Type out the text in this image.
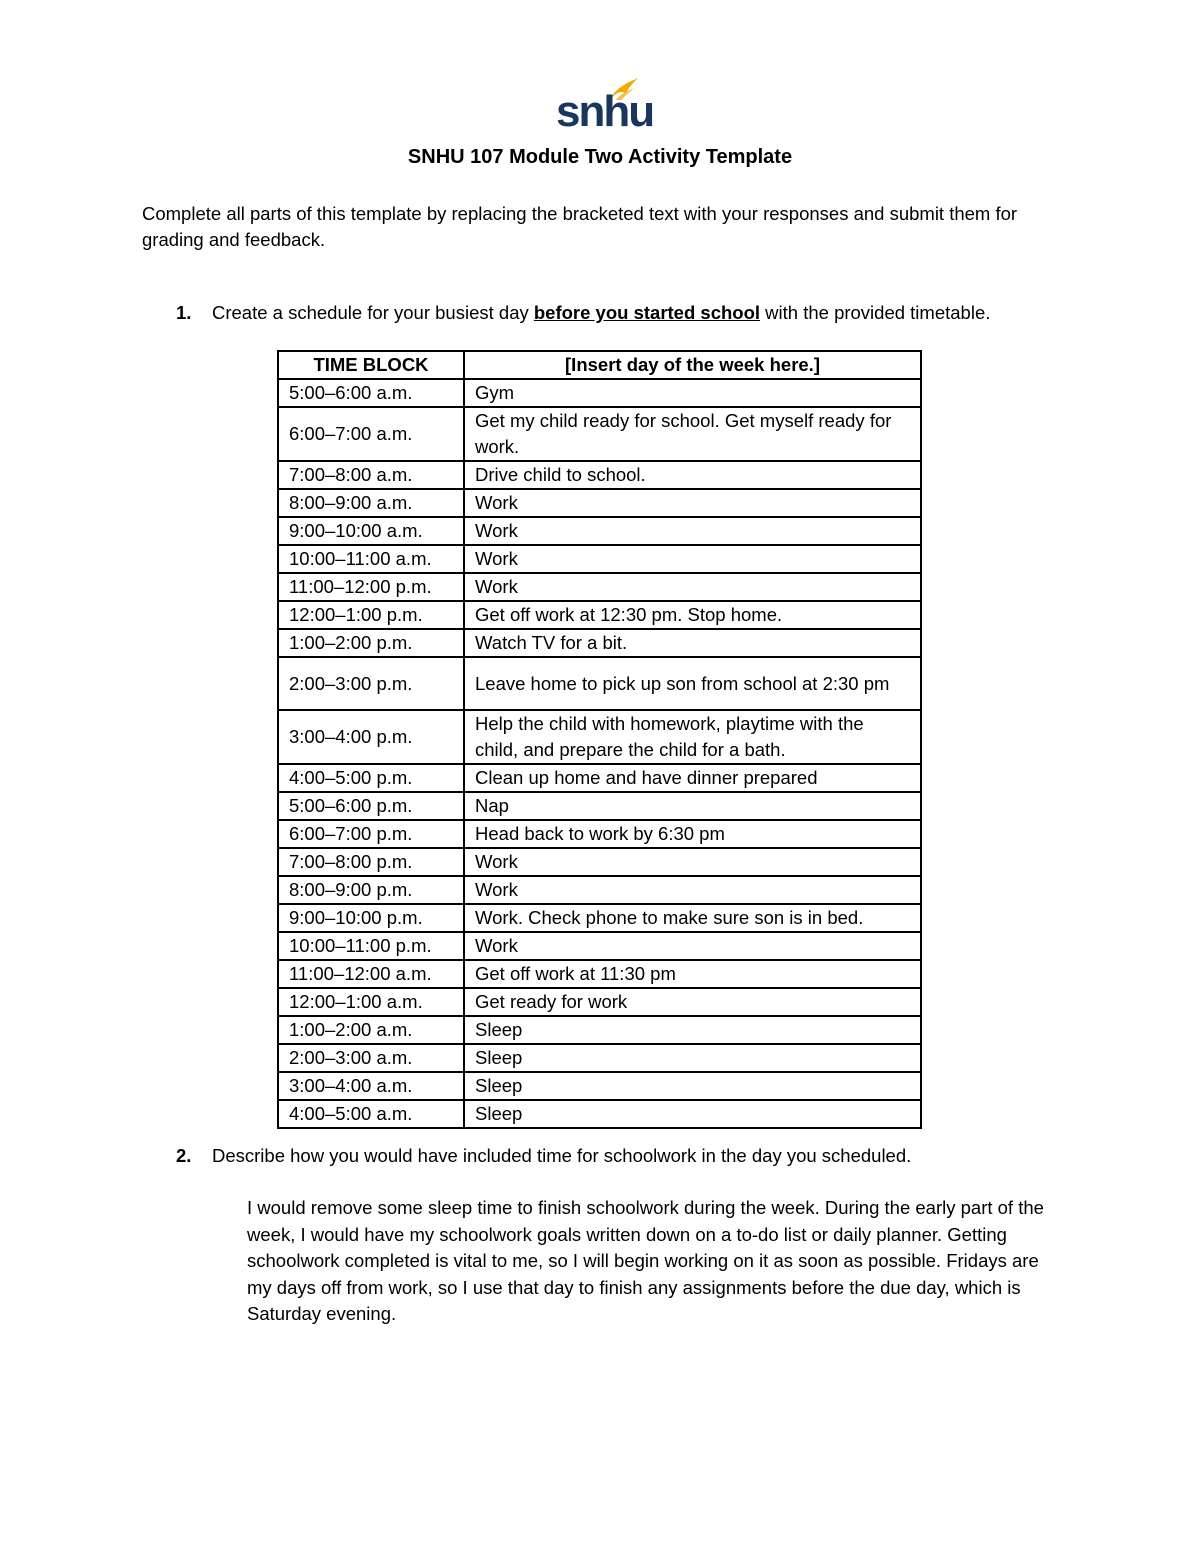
snhu
SNHU 107 Module Two Activity Template
Complete all parts of this template by replacing the bracketed text with your responses and submit them for grading and feedback.
1. Create a schedule for your busiest day before you started school with the provided timetable.
TIME BLOCK	[Insert day of the week here.]
5:00–6:00 a.m.	Gym
6:00–7:00 a.m.	Get my child ready for school. Get myself ready for work.
7:00–8:00 a.m.	Drive child to school.
8:00–9:00 a.m.	Work
9:00–10:00 a.m.	Work
10:00–11:00 a.m.	Work
11:00–12:00 p.m.	Work
12:00–1:00 p.m.	Get off work at 12:30 pm. Stop home.
1:00–2:00 p.m.	Watch TV for a bit.
2:00–3:00 p.m.	Leave home to pick up son from school at 2:30 pm
3:00–4:00 p.m.	Help the child with homework, playtime with the child, and prepare the child for a bath.
4:00–5:00 p.m.	Clean up home and have dinner prepared
5:00–6:00 p.m.	Nap
6:00–7:00 p.m.	Head back to work by 6:30 pm
7:00–8:00 p.m.	Work
8:00–9:00 p.m.	Work
9:00–10:00 p.m.	Work. Check phone to make sure son is in bed.
10:00–11:00 p.m.	Work
11:00–12:00 a.m.	Get off work at 11:30 pm
12:00–1:00 a.m.	Get ready for work
1:00–2:00 a.m.	Sleep
2:00–3:00 a.m.	Sleep
3:00–4:00 a.m.	Sleep
4:00–5:00 a.m.	Sleep
2. Describe how you would have included time for schoolwork in the day you scheduled.
I would remove some sleep time to finish schoolwork during the week. During the early part of the week, I would have my schoolwork goals written down on a to-do list or daily planner. Getting schoolwork completed is vital to me, so I will begin working on it as soon as possible. Fridays are my days off from work, so I use that day to finish any assignments before the due day, which is Saturday evening.
